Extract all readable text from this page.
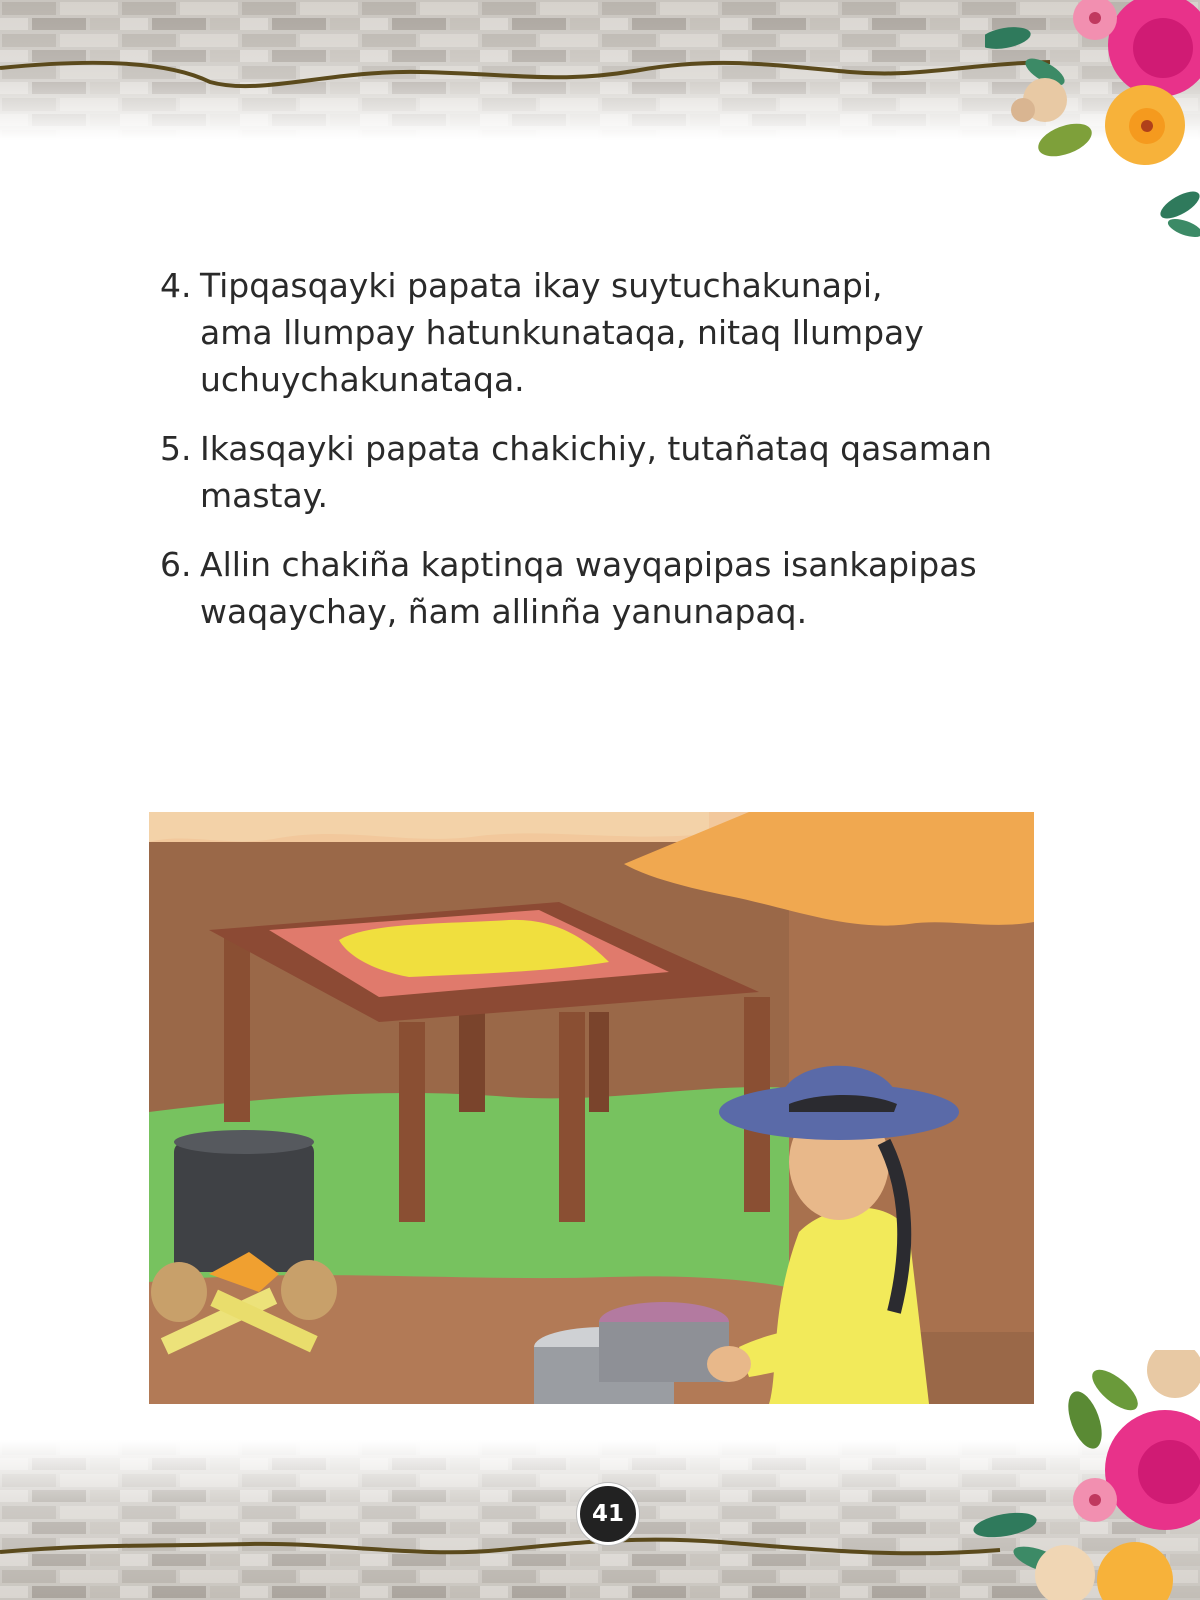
4. Tipqasqayki papata ikay suytuchakunapi,
ama llumpay hatunkunataqa, nitaq llumpay
uchuychakunataqa.
5. Ikasqayki papata chakichiy, tutañataq qasaman
mastay.
6. Allin chakiña kaptinqa wayqapipas isankapipas
waqaychay, ñam allinña yanunapaq.
41
